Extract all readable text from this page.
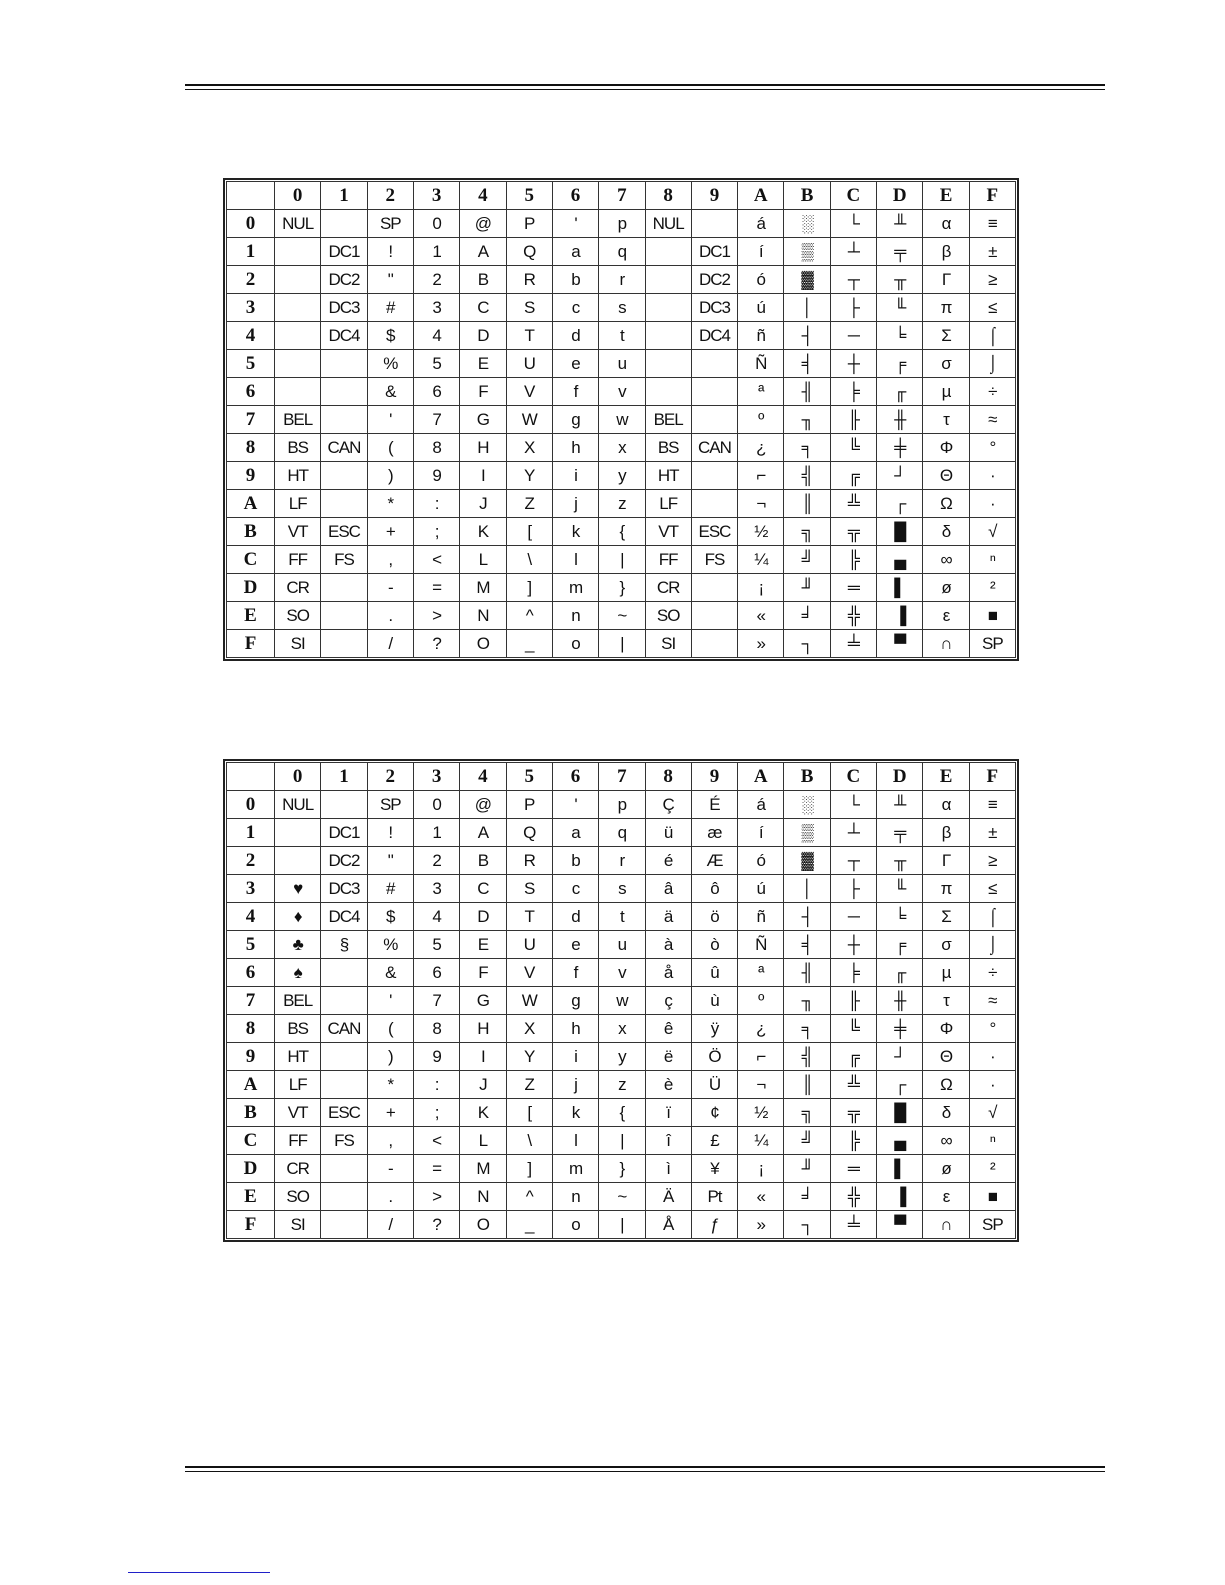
	0	1	2	3	4	5	6	7	8	9	A	B	C	D	E	F
0	NUL		SP	0	@	P	'	p	NUL		á	░	└	╨	α	≡
1		DC1	!	1	A	Q	a	q		DC1	í	▒	┴	╤	β	±
2		DC2	"	2	B	R	b	r		DC2	ó	▓	┬	╥	Γ	≥
3		DC3	#	3	C	S	c	s		DC3	ú	│	├	╙	π	≤
4		DC4	$	4	D	T	d	t		DC4	ñ	┤	─	╘	Σ	⌠
5			%	5	E	U	e	u			Ñ	╡	┼	╒	σ	⌡
6			&	6	F	V	f	v			ª	╢	╞	╓	µ	÷
7	BEL		'	7	G	W	g	w	BEL		º	╖	╟	╫	τ	≈
8	BS	CAN	(	8	H	X	h	x	BS	CAN	¿	╕	╚	╪	Φ	°
9	HT		)	9	I	Y	i	y	HT		⌐	╣	╔	┘	Θ	∙
A	LF		*	:	J	Z	j	z	LF		¬	║	╩	┌	Ω	·
B	VT	ESC	+	;	K	[	k	{	VT	ESC	½	╗	╦	█	δ	√
C	FF	FS	,	<	L	\	l	|	FF	FS	¼	╝	╠	▄	∞	ⁿ
D	CR		-	=	M	]	m	}	CR		¡	╜	═	▌	ø	²
E	SO		.	>	N	^	n	~	SO		«	╛	╬	▐	ε	■
F	SI		/	?	O	_	o	|	SI		»	┐	╧	▀	∩	SP
	0	1	2	3	4	5	6	7	8	9	A	B	C	D	E	F
0	NUL		SP	0	@	P	'	p	Ç	É	á	░	└	╨	α	≡
1		DC1	!	1	A	Q	a	q	ü	æ	í	▒	┴	╤	β	±
2		DC2	"	2	B	R	b	r	é	Æ	ó	▓	┬	╥	Γ	≥
3	♥	DC3	#	3	C	S	c	s	â	ô	ú	│	├	╙	π	≤
4	♦	DC4	$	4	D	T	d	t	ä	ö	ñ	┤	─	╘	Σ	⌠
5	♣	§	%	5	E	U	e	u	à	ò	Ñ	╡	┼	╒	σ	⌡
6	♠		&	6	F	V	f	v	å	û	ª	╢	╞	╓	µ	÷
7	BEL		'	7	G	W	g	w	ç	ù	º	╖	╟	╫	τ	≈
8	BS	CAN	(	8	H	X	h	x	ê	ÿ	¿	╕	╚	╪	Φ	°
9	HT		)	9	I	Y	i	y	ë	Ö	⌐	╣	╔	┘	Θ	∙
A	LF		*	:	J	Z	j	z	è	Ü	¬	║	╩	┌	Ω	·
B	VT	ESC	+	;	K	[	k	{	ï	¢	½	╗	╦	█	δ	√
C	FF	FS	,	<	L	\	l	|	î	£	¼	╝	╠	▄	∞	ⁿ
D	CR		-	=	M	]	m	}	ì	¥	¡	╜	═	▌	ø	²
E	SO		.	>	N	^	n	~	Ä	Pt	«	╛	╬	▐	ε	■
F	SI		/	?	O	_	o	|	Å	ƒ	»	┐	╧	▀	∩	SP
